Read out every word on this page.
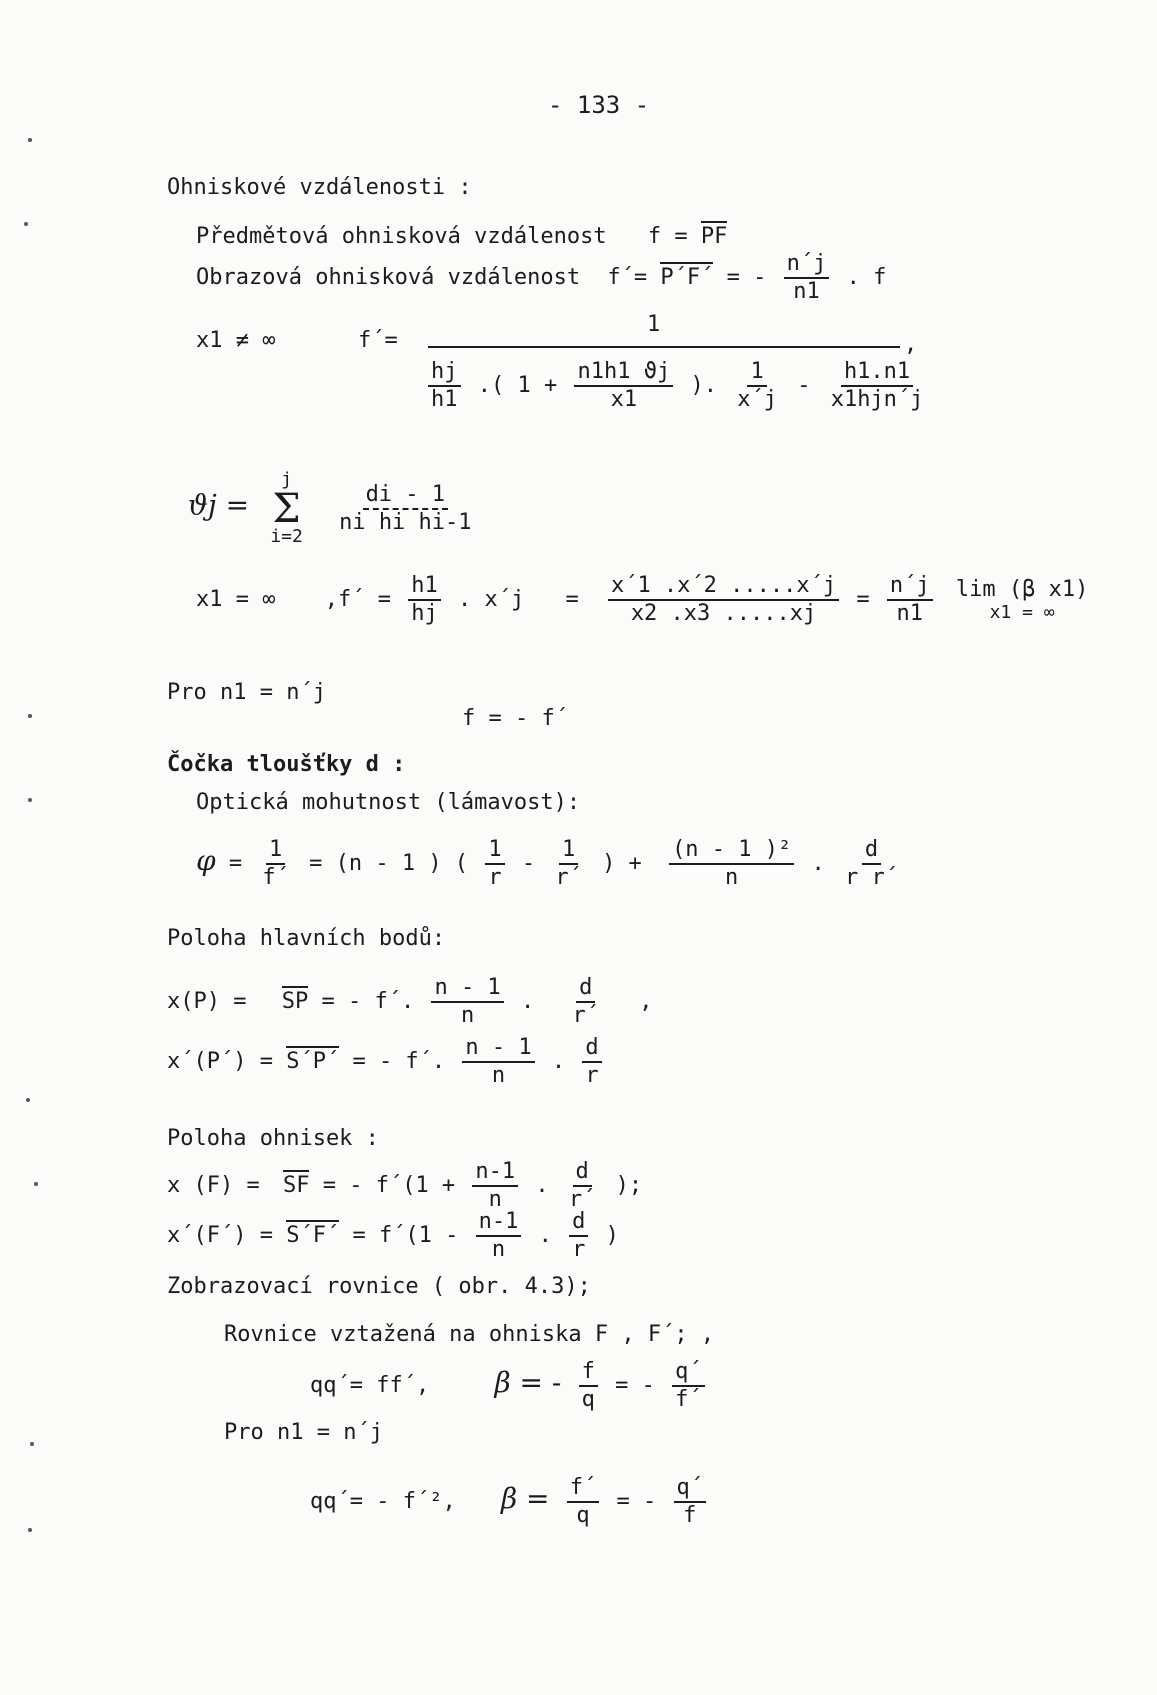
- 133 -
Ohniskové vzdálenosti :
Předmětová ohnisková vzdálenost f = PF
Obrazová ohnisková vzdálenost f´= P´F´ = - $\frac{n´j}{n1}$ . f
x1 ≠ ∞	f´=
1
,
$\frac{hj}{h1}$ .( $1 + \frac{n1h1 ϑj}{x1}$ ). $\frac{1}{x´j} - \frac{h1.n1}{\text{x1hjn´j}}$
ϑj =
j
Σ
i=2

$\frac{di - 1}{\text{ni hi hi-1}}$
x1 = ∞ ,f´ = $\frac{h1}{hj}$ . x´j = $\frac{x´1 .x´2 .....x´j}{x2 .x3 .....xj} = \frac{n´j}{n1}$
lim (β x1)
x1 = ∞
Pro n1 = n´j
f = - f´
Čočka tloušťky d :
Optická mohutnost (lámavost):
$\varphi = \frac{1}{f´} = (n - 1$ ) ( $\frac{1}{r} - \frac{1}{r´}$ ) + $\frac{\text{(n - 1 )²}}{n}$ . $\frac{d}{\text{r r´}}$
Poloha hlavních bodů:
x(P) = SP = - f´. $\frac{n - 1}{n}$ . $\frac{d}{r´}$ ,
x´(P´) = S´P´ = - f´. $\frac{n - 1}{n}$ . $\frac{d}{r}$
Poloha ohnisek :
x (F) = SF = - f´(1 + $\frac{n-1}{n}$ . $\frac{d}{r´}$ );
x´(F´) = S´F´ = f´(1 - $\frac{n-1}{n}$ . $\frac{d}{r}$ )
Zobrazovací rovnice ( obr. 4.3);
Rovnice vztažená na ohniska F , F´; ,
qq´= ff´, β = - $\frac{f}{q}$ = - $\frac{q´}{f´}$
Pro n1 = n´j
qq´= - f´², $\beta = \frac{f´}{q}$ = - $\frac{q´}{f}$
